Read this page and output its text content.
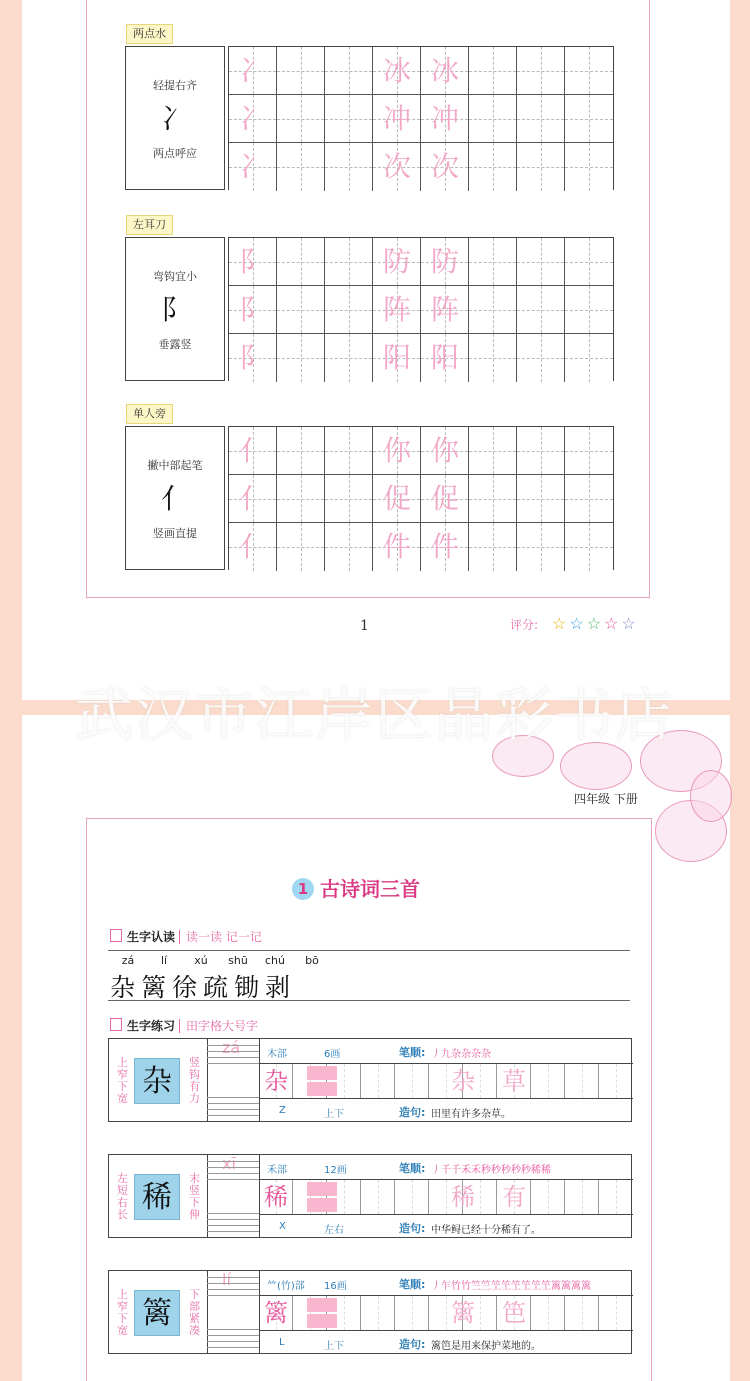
两点水
轻提右齐
冫
两点呼应
冫	冰 冰
冫	冲 冲
冫	次 次
左耳刀
弯钩宜小
阝
垂露竖
阝	防 防
阝	阵 阵
阝	阳 阳
单人旁
撇中部起笔
亻
竖画直提
亻	你 你
亻	促 促
亻	件 件
1	评分: ☆☆☆☆☆
武汉市江岸区晶彩书店
四年级 下册
1 古诗词三首
生字认读 读一读 记一记
zá	lí	xú	shū	chú	bō
杂篱徐疏锄剥
生字练习 田字格大号字
上窄下宽 杂
竖钩有力
zá	木部	6画	笔顺: 丿九杂杂杂杂
杂	杂 草
Z	上下	造句: 田里有许多杂草。
左短右长 稀
末竖下伸
xī	禾部	12画	笔顺: 丿千千禾禾秒秒秒秒秒稀稀
稀	稀 有
X	左右	造句: 中华鲟已经十分稀有了。
上窄下宽 篱
下部紧凑
lí	⺮(竹)部 16画	笔顺: 丿乍竹竹竺竺笁笁笁笁笁笁篱篱篱篱
篱	篱 笆
L	上下	造句: 篱笆是用来保护菜地的。
